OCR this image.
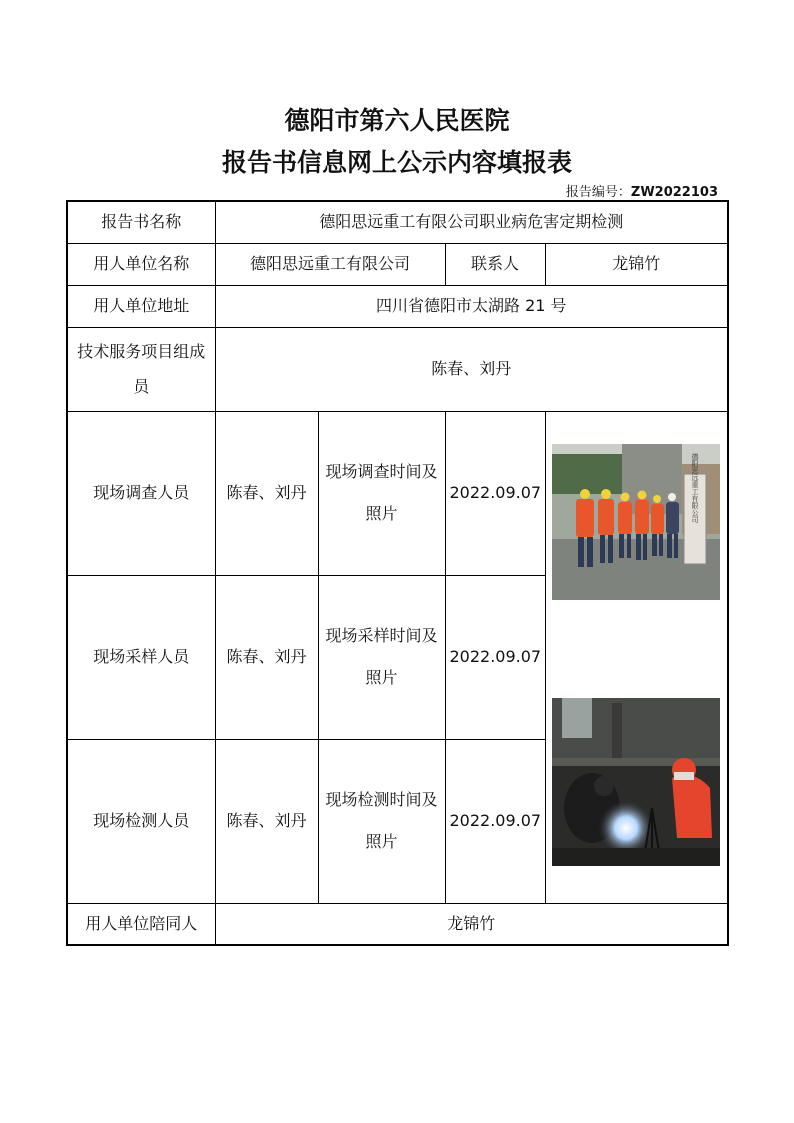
德阳市第六人民医院
报告书信息网上公示内容填报表
报告编号：ZW2022103
报告书名称	德阳思远重工有限公司职业病危害定期检测			
用人单位名称	德阳思远重工有限公司		联系人	龙锦竹
用人单位地址	四川省德阳市太湖路 21 号			
技术服务项目组成员	陈春、刘丹			
现场调查人员	陈春、刘丹	现场调查时间及照片	2022.09.07	德阳思远重工有限公司

现场采样人员	陈春、刘丹	现场采样时间及照片	2022.09.07	
现场检测人员	陈春、刘丹	现场检测时间及照片	2022.09.07	
用人单位陪同人	龙锦竹			
